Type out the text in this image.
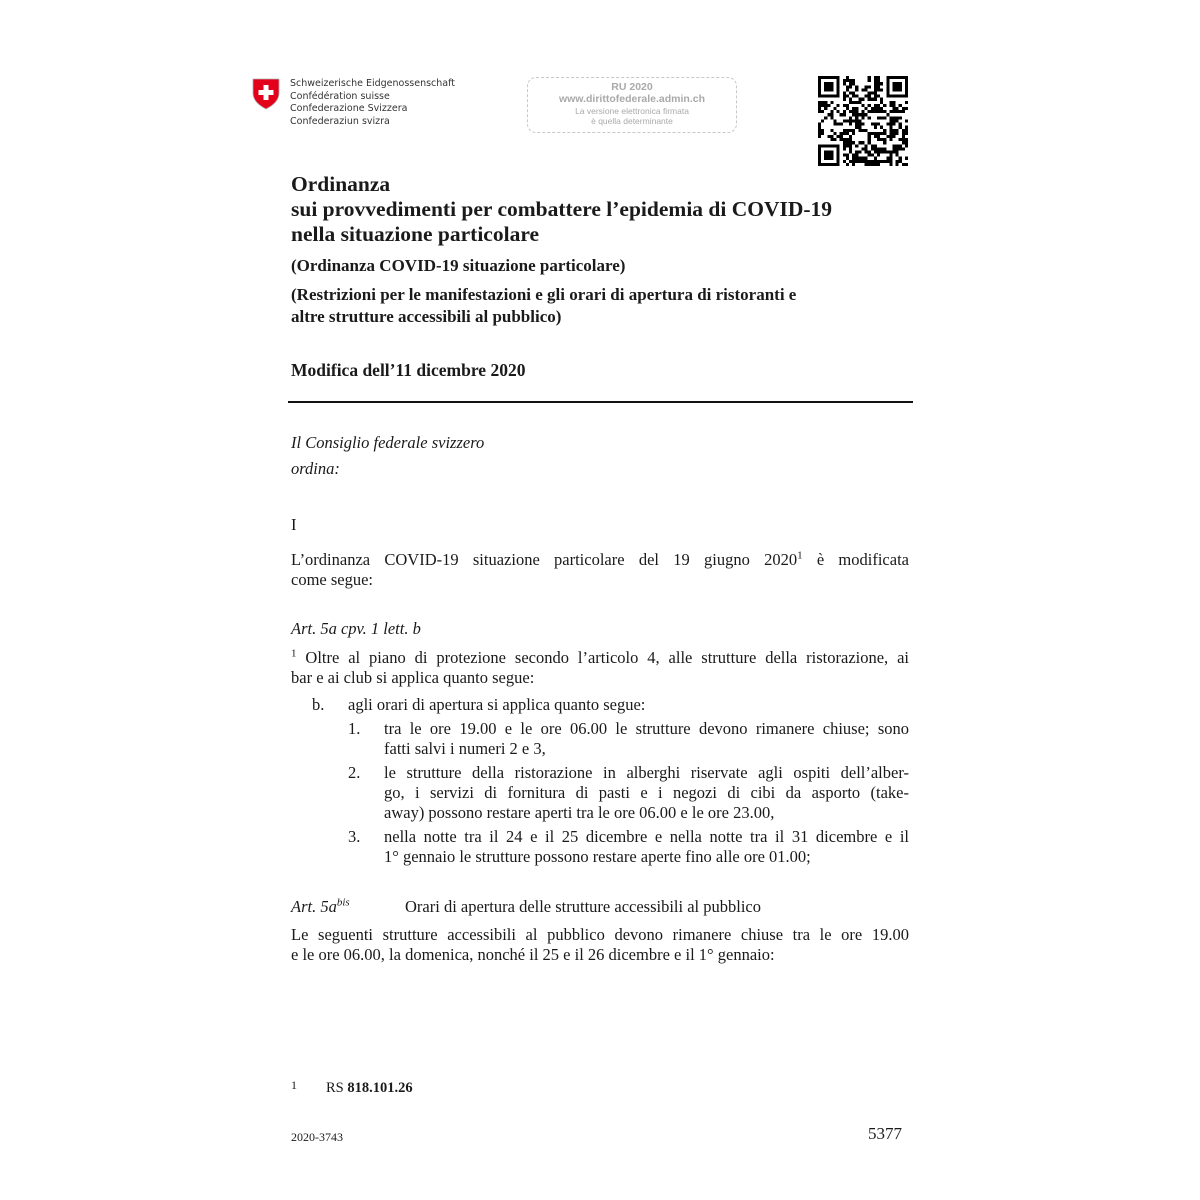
Schweizerische Eidgenossenschaft
Confédération suisse
Confederazione Svizzera
Confederaziun svizra
RU 2020
www.dirittofederale.admin.ch
La versione elettronica firmata
è quella determinante
Ordinanza
sui provvedimenti per combattere l’epidemia di COVID-19
nella situazione particolare
(Ordinanza COVID-19 situazione particolare)
(Restrizioni per le manifestazioni e gli orari di apertura di ristoranti e
altre strutture accessibili al pubblico)
Modifica dell’11 dicembre 2020
Il Consiglio federale svizzero
ordina:
I
L’ordinanza COVID-19 situazione particolare del 19 giugno 2020$^1$ è modificata
come segue:
Art. 5a cpv. 1 lett. b
$^1$ Oltre al piano di protezione secondo l’articolo 4, alle strutture della ristorazione, ai
bar e ai club si applica quanto segue:
b. agli orari di apertura si applica quanto segue:
1. tra le ore 19.00 e le ore 06.00 le strutture devono rimanere chiuse; sono
fatti salvi i numeri 2 e 3,
2. le strutture della ristorazione in alberghi riservate agli ospiti dell’alber-
go, i servizi di fornitura di pasti e i negozi di cibi da asporto (take-
away) possono restare aperti tra le ore 06.00 e le ore 23.00,
3. nella notte tra il 24 e il 25 dicembre e nella notte tra il 31 dicembre e il
1° gennaio le strutture possono restare aperte fino alle ore 01.00;
Art. $5a^{bis}$	Orari di apertura delle strutture accessibili al pubblico
Le seguenti strutture accessibili al pubblico devono rimanere chiuse tra le ore 19.00
e le ore 06.00, la domenica, nonché il 25 e il 26 dicembre e il 1° gennaio:
1 RS 818.101.26
2020-3743	5377
